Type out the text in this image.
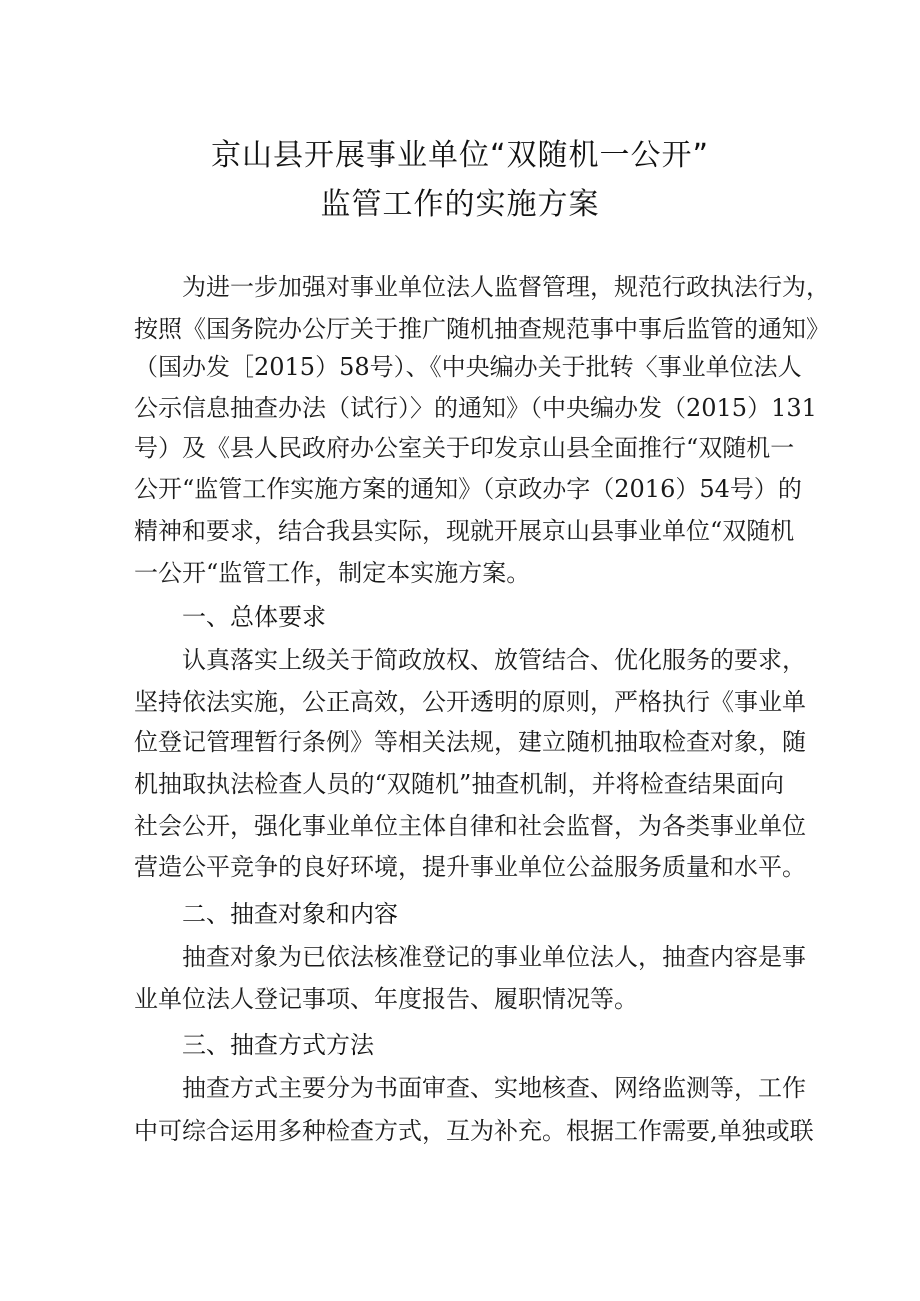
京山县开展事业单位“双随机一公开”
监管工作的实施方案
为进一步加强对事业单位法人监督管理，规范行政执法行为，
按照《国务院办公厅关于推广随机抽查规范事中事后监管的通知》
（国办发［2015）58号）、《中央编办关于批转〈事业单位法人
公示信息抽查办法（试行）〉的通知》（中央编办发（2015）131
号）及《县人民政府办公室关于印发京山县全面推行“双随机一
公开“监管工作实施方案的通知》（京政办字（2016）54号）的
精神和要求，结合我县实际，现就开展京山县事业单位“双随机
一公开“监管工作，制定本实施方案。
一、总体要求
认真落实上级关于简政放权、放管结合、优化服务的要求，
坚持依法实施，公正高效，公开透明的原则，严格执行《事业单
位登记管理暂行条例》等相关法规，建立随机抽取检查对象，随
机抽取执法检查人员的“双随机”抽查机制，并将检查结果面向
社会公开，强化事业单位主体自律和社会监督，为各类事业单位
营造公平竞争的良好环境，提升事业单位公益服务质量和水平。
二、抽查对象和内容
抽查对象为已依法核准登记的事业单位法人，抽查内容是事
业单位法人登记事项、年度报告、履职情况等。
三、抽查方式方法
抽查方式主要分为书面审查、实地核查、网络监测等，工作
中可综合运用多种检查方式，互为补充。根据工作需要,单独或联
